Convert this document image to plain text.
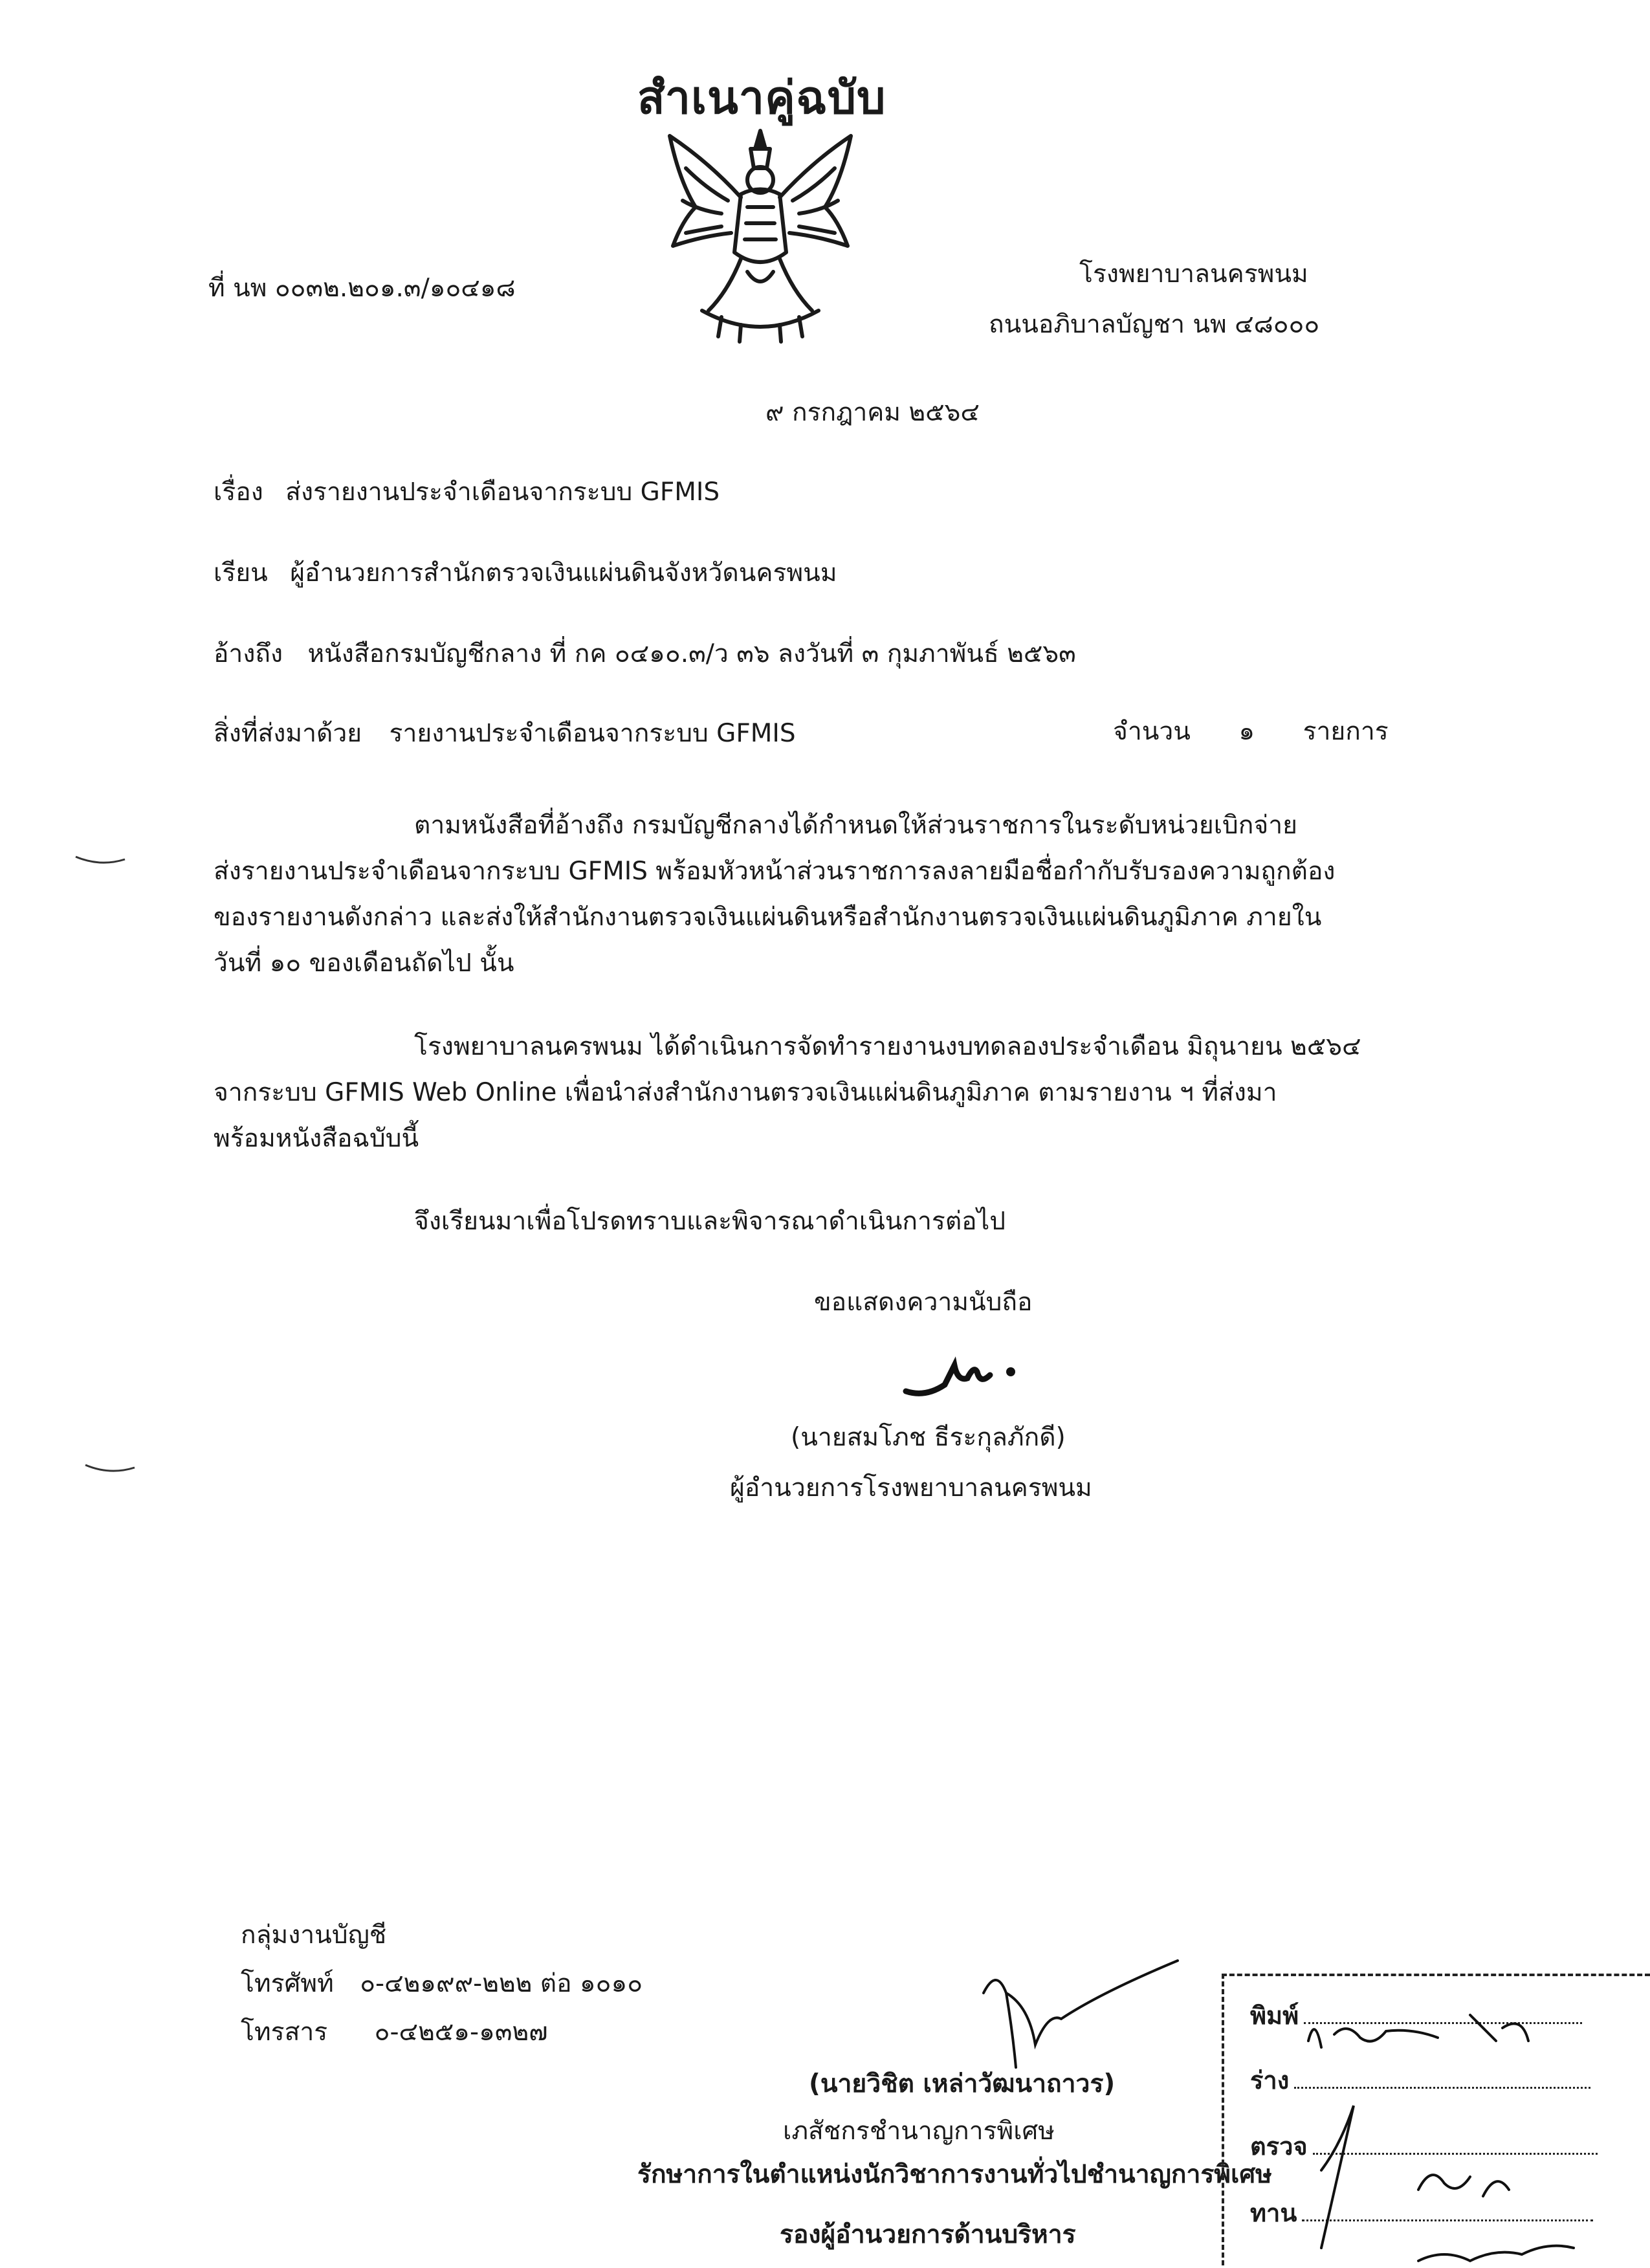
สำเนาคู่ฉบับ
ที่ นพ ๐๐๓๒.๒๐๑.๓/๑๐๔๑๘	โรงพยาบาลนครพนม
ถนนอภิบาลบัญชา นพ ๔๘๐๐๐
๙ กรกฎาคม ๒๕๖๔
เรื่อง ส่งรายงานประจำเดือนจากระบบ GFMIS
เรียน ผู้อำนวยการสำนักตรวจเงินแผ่นดินจังหวัดนครพนม
อ้างถึง หนังสือกรมบัญชีกลาง ที่ กค ๐๔๑๐.๓/ว ๓๖ ลงวันที่ ๓ กุมภาพันธ์ ๒๕๖๓
สิ่งที่ส่งมาด้วย รายงานประจำเดือนจากระบบ GFMIS	จำนวน ๑ รายการ
ตามหนังสือที่อ้างถึง กรมบัญชีกลางได้กำหนดให้ส่วนราชการในระดับหน่วยเบิกจ่าย
ส่งรายงานประจำเดือนจากระบบ GFMIS พร้อมหัวหน้าส่วนราชการลงลายมือชื่อกำกับรับรองความถูกต้อง
ของรายงานดังกล่าว และส่งให้สำนักงานตรวจเงินแผ่นดินหรือสำนักงานตรวจเงินแผ่นดินภูมิภาค ภายใน
วันที่ ๑๐ ของเดือนถัดไป นั้น
โรงพยาบาลนครพนม ได้ดำเนินการจัดทำรายงานงบทดลองประจำเดือน มิถุนายน ๒๕๖๔
จากระบบ GFMIS Web Online เพื่อนำส่งสำนักงานตรวจเงินแผ่นดินภูมิภาค ตามรายงาน ฯ ที่ส่งมา
พร้อมหนังสือฉบับนี้
จึงเรียนมาเพื่อโปรดทราบและพิจารณาดำเนินการต่อไป
ขอแสดงความนับถือ
(นายสมโภช ธีระกุลภักดี)
ผู้อำนวยการโรงพยาบาลนครพนม
กลุ่มงานบัญชี
โทรศัพท์ ๐-๔๒๑๙๙-๒๒๒ ต่อ ๑๐๑๐
โทรสาร ๐-๔๒๕๑-๑๓๒๗
(นายวิชิต เหล่าวัฒนาถาวร)
เภสัชกรชำนาญการพิเศษ
รักษาการในตำแหน่งนักวิชาการงานทั่วไปชำนาญการพิเศษ
รองผู้อำนวยการด้านบริหาร
พิมพ์
ร่าง
ตรวจ
ทาน
